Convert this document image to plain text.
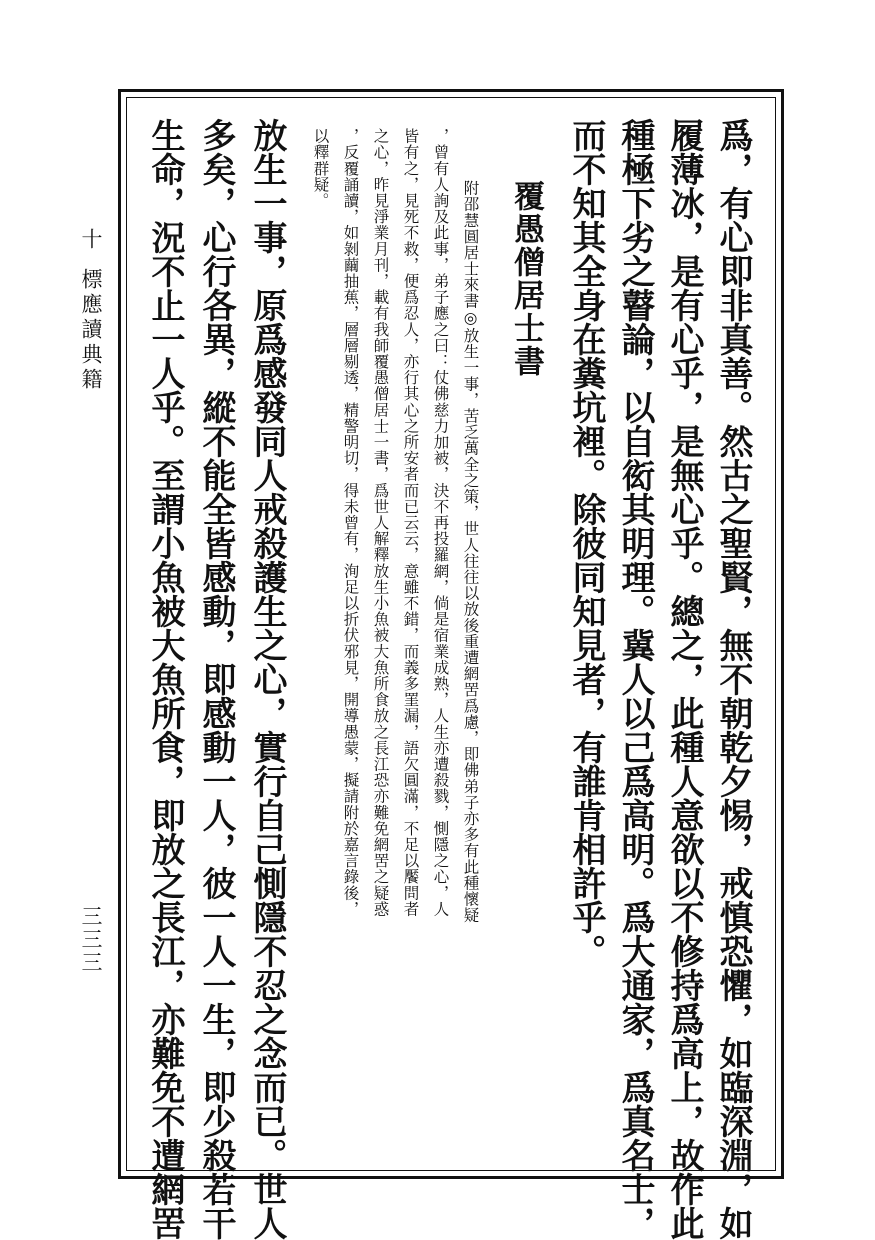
十
標應讀典籍
三三三	爲，有心即非真善。然古之聖賢，無不朝乾夕惕，戒慎恐懼，如臨深淵，如
履薄冰，是有心乎，是無心乎。總之，此種人意欲以不修持爲高上，故作此
種極下劣之瞽論，以自衒其明理。冀人以己爲高明。爲大通家，爲真名士，
而不知其全身在糞坑裡。除彼同知見者，有誰肯相許乎。
覆愚僧居士書
附邵慧圓居士來書◎放生一事，苦乏萬全之策，世人往往以放後重遭網罟爲慮，即佛弟子亦多有此種懷疑
，曾有人詢及此事，弟子應之曰：仗佛慈力加被，決不再投羅網，倘是宿業成熟，人生亦遭殺戮，惻隱之心，人
皆有之，見死不救，便爲忍人，亦行其心之所安者而已云云，意雖不錯，而義多罣漏，語欠圓滿，不足以饜問者
之心，昨見淨業月刊，載有我師覆愚僧居士一書，爲世人解釋放生小魚被大魚所食放之長江恐亦難免網罟之疑惑
，反覆誦讀，如剝繭抽蕉，層層剔透，精警明切，得未曾有，洵足以折伏邪見，開導愚蒙，擬請附於嘉言錄後，
以釋群疑。
放生一事，原爲感發同人戒殺護生之心，實行自己惻隱不忍之念而已。世人
多矣，心行各異，縱不能全皆感動，即感動一人，彼一人一生，即少殺若干
生命，況不止一人乎。至謂小魚被大魚所食，即放之長江，亦難免不遭網罟
